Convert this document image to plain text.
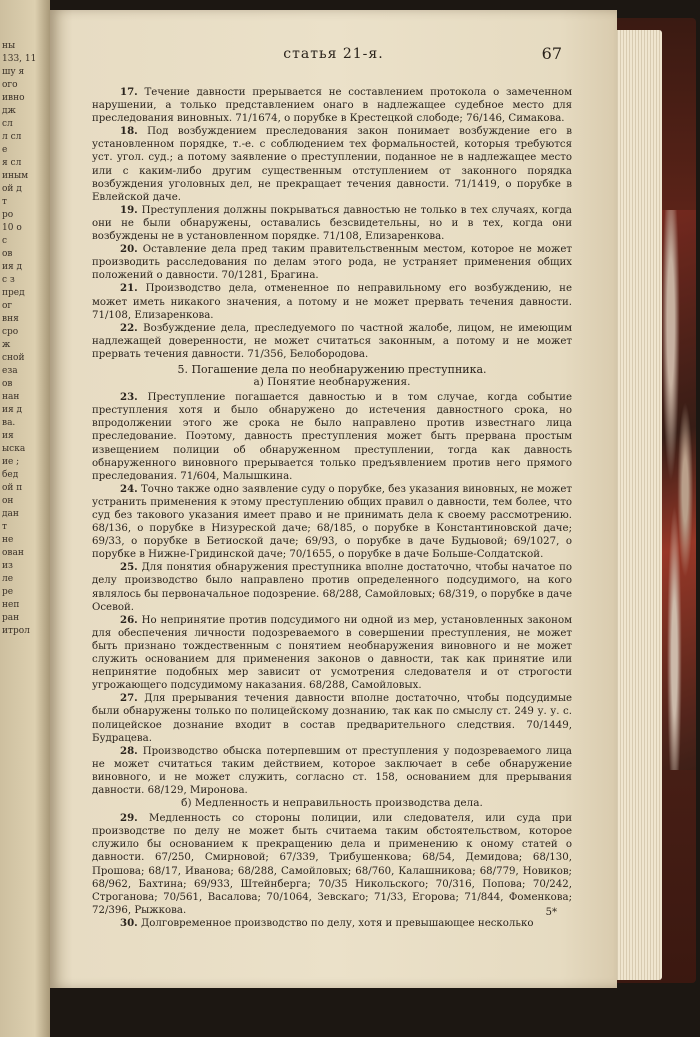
ны
133, 11
шу я
ого
ивно
дж
сл
л сл
е
я сл
иным
ой д
т
ро
10 о
с
ов
ия д
с з
пред
ог
вня
сро
ж
сной
еза
ов
нан
ия д
ва.
ия
ыска
ие ;
бед
ой п
он
дан
т
не
ован
из
ле
ре
неп
ран
итрол
статья 21-я.	67

17. Течение давности прерывается не составлением протокола о замеченном нарушении, а только представлением онаго в надлежащее судебное место для преследования виновных. 71/1674, о порубке в Крестецкой слободе; 76/146, Симакова.

18. Под возбуждением преследования закон понимает возбуждение его в установленном порядке, т.-е. с соблюдением тех формальностей, которыя требуются уст. угол. суд.; а потому заявление о преступлении, поданное не в надлежащее место или с каким-либо другим существенным отступлением от законного порядка возбуждения уголовных дел, не прекращает течения давности. 71/1419, о порубке в Евлейской даче.

19. Преступления должны покрываться давностью не только в тех случаях, когда они не были обнаружены, оставались безсвидетельны, но и в тех, когда они возбуждены не в установленном порядке. 71/108, Елизаренкова.

20. Оставление дела пред таким правительственным местом, которое не может производить расследования по делам этого рода, не устраняет применения общих положений о давности. 70/1281, Брагина.

21. Производство дела, отмененное по неправильному его возбуждению, не может иметь никакого значения, а потому и не может прервать течения давности. 71/108, Елизаренкова.

22. Возбуждение дела, преследуемого по частной жалобе, лицом, не имеющим надлежащей доверенности, не может считаться законным, а потому и не может прервать течения давности. 71/356, Белобородова.

5. Погашение дела по необнаружению преступника.

а) Понятие необнаружения.

23. Преступление погашается давностью и в том случае, когда событие преступления хотя и было обнаружено до истечения давностного срока, но впродолжении этого же срока не было направлено против известнаго лица преследование. Поэтому, давность преступления может быть прервана простым извещением полиции об обнаруженном преступлении, тогда как давность обнаруженного виновного прерывается только предъявлением против него прямого преследования. 71/604, Малышкина.

24. Точно также одно заявление суду о порубке, без указания виновных, не может устранить применения к этому преступлению общих правил о давности, тем более, что суд без такового указания имеет право и не принимать дела к своему рассмотрению. 68/136, о порубке в Низуреской даче; 68/185, о порубке в Константиновской даче; 69/33, о порубке в Бетиоской даче; 69/93, о порубке в даче Будыовой; 69/1027, о порубке в Нижне-Гридинской даче; 70/1655, о порубке в даче Больше-Солдатской.

25. Для понятия обнаружения преступника вполне достаточно, чтобы начатое по делу производство было направлено против определенного подсудимого, на кого являлось бы первоначальное подозрение. 68/288, Самойловых; 68/319, о порубке в даче Осевой.

26. Но непринятие против подсудимого ни одной из мер, установленных законом для обеспечения личности подозреваемого в совершении преступления, не может быть признано тождественным с понятием необнаружения виновного и не может служить основанием для применения законов о давности, так как принятие или непринятие подобных мер зависит от усмотрения следователя и от строгости угрожающего подсудимому наказания. 68/288, Самойловых.

27. Для прерывания течения давности вполне достаточно, чтобы подсудимые были обнаружены только по полицейскому дознанию, так как по смыслу ст. 249 у. у. с. полицейское дознание входит в состав предварительного следствия. 70/1449, Будрацева.

28. Производство обыска потерпевшим от преступления у подозреваемого лица не может считаться таким действием, которое заключает в себе обнаружение виновного, и не может служить, согласно ст. 158, основанием для прерывания давности. 68/129, Миронова.

б) Медленность и неправильность производства дела.

29. Медленность со стороны полиции, или следователя, или суда при производстве по делу не может быть считаема таким обстоятельством, которое служило бы основанием к прекращению дела и применению к оному статей о давности. 67/250, Смирновой; 67/339, Трибушенкова; 68/54, Демидова; 68/130, Прошова; 68/17, Иванова; 68/288, Самойловых; 68/760, Калашникова; 68/779, Новиков; 68/962, Бахтина; 69/933, Штейнберга; 70/35 Никольского; 70/316, Попова; 70/242, Строганова; 70/561, Васалова; 70/1064, Зевскаго; 71/33, Егорова; 71/844, Фоменкова; 72/396, Рыжкова.

30. Долговременное производство по делу, хотя и превышающее несколько

5*
